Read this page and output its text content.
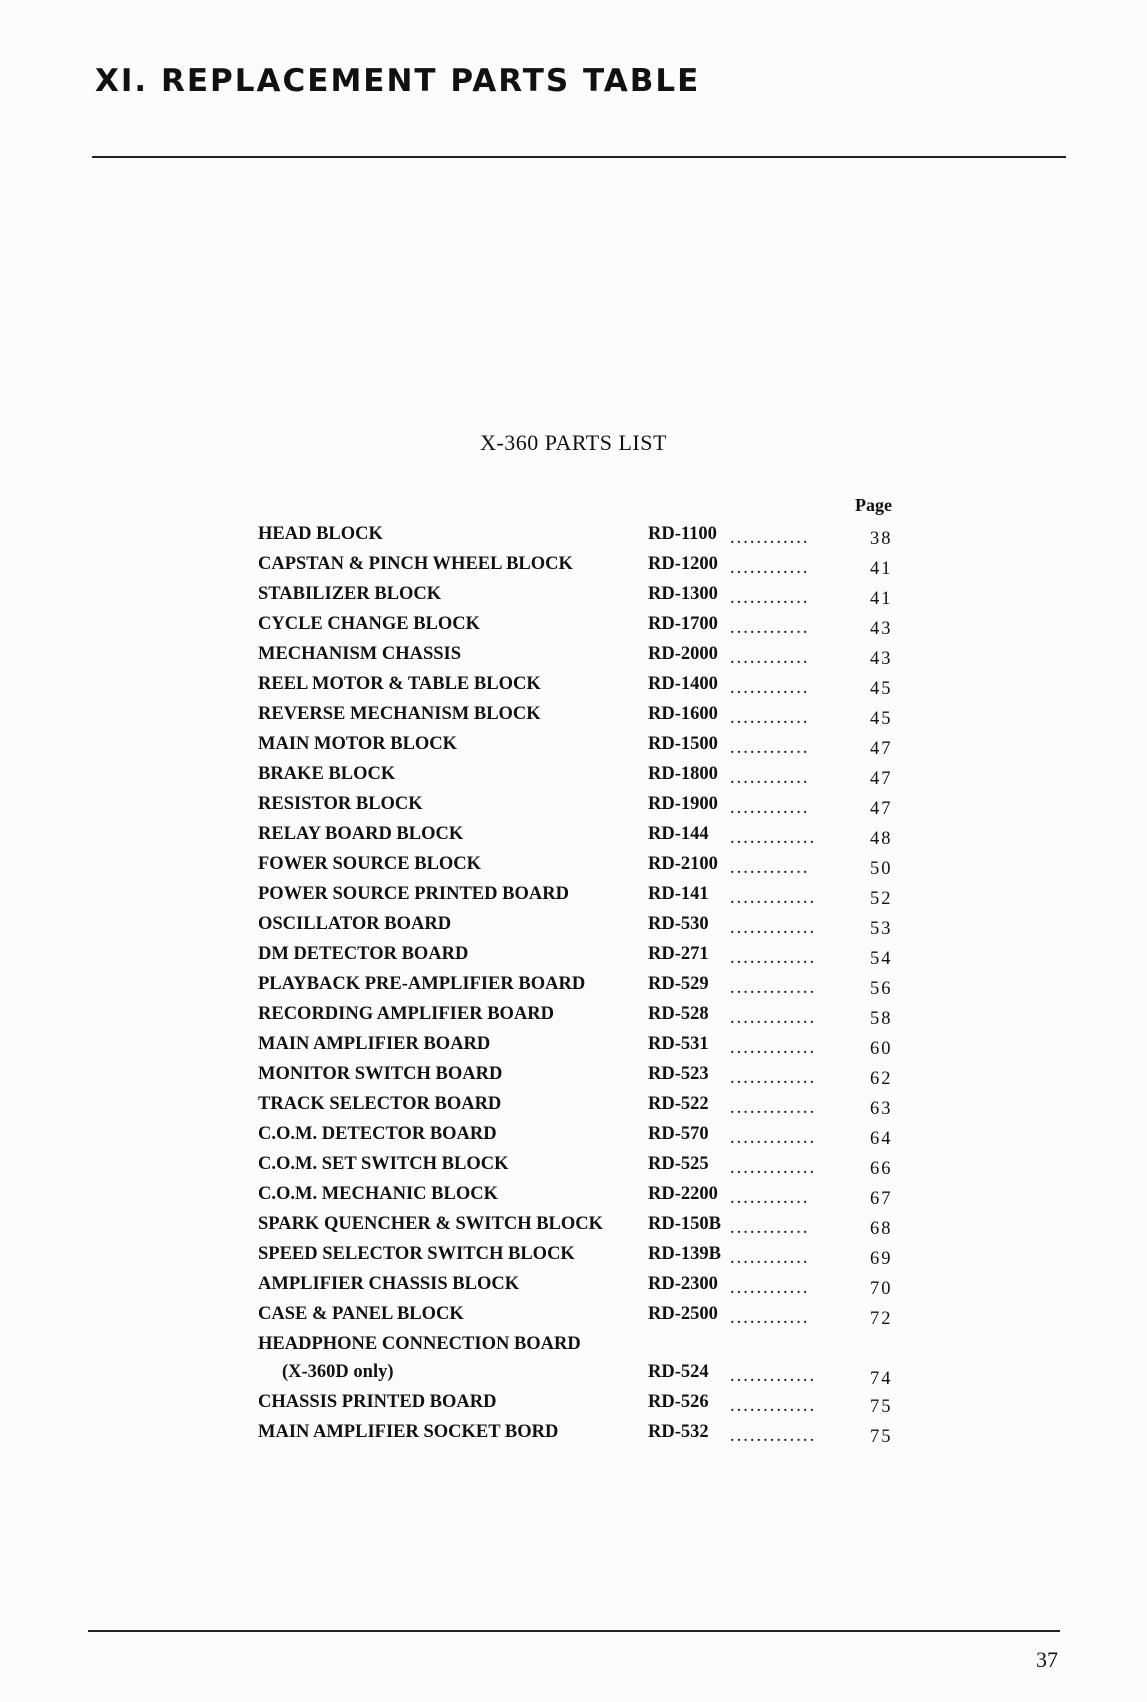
XI. REPLACEMENT PARTS TABLE
X-360 PARTS LIST
Page
HEAD BLOCK	RD-1100 ............	38
CAPSTAN & PINCH WHEEL BLOCK	RD-1200 ............	41
STABILIZER BLOCK	RD-1300 ............	41
CYCLE CHANGE BLOCK	RD-1700 ............	43
MECHANISM CHASSIS	RD-2000 ............	43
REEL MOTOR & TABLE BLOCK	RD-1400 ............	45
REVERSE MECHANISM BLOCK	RD-1600 ............	45
MAIN MOTOR BLOCK	RD-1500 ............	47
BRAKE BLOCK	RD-1800 ............	47
RESISTOR BLOCK	RD-1900 ............	47
RELAY BOARD BLOCK	RD-144 .............	48
FOWER SOURCE BLOCK	RD-2100 ............	50
POWER SOURCE PRINTED BOARD	RD-141 .............	52
OSCILLATOR BOARD	RD-530 .............	53
DM DETECTOR BOARD	RD-271 .............	54
PLAYBACK PRE-AMPLIFIER BOARD	RD-529 .............	56
RECORDING AMPLIFIER BOARD	RD-528 .............	58
MAIN AMPLIFIER BOARD	RD-531 .............	60
MONITOR SWITCH BOARD	RD-523 .............	62
TRACK SELECTOR BOARD	RD-522 .............	63
C.O.M. DETECTOR BOARD	RD-570 .............	64
C.O.M. SET SWITCH BLOCK	RD-525 .............	66
C.O.M. MECHANIC BLOCK	RD-2200 ............	67
SPARK QUENCHER & SWITCH BLOCK RD-150B ............	68
SPEED SELECTOR SWITCH BLOCK	RD-139B ............	69
AMPLIFIER CHASSIS BLOCK	RD-2300 ............	70
CASE & PANEL BLOCK	RD-2500 ............	72
HEADPHONE CONNECTION BOARD
(X-360D only)	RD-524 .............	74
CHASSIS PRINTED BOARD	RD-526 .............	75
MAIN AMPLIFIER SOCKET BORD	RD-532 .............	75
37
